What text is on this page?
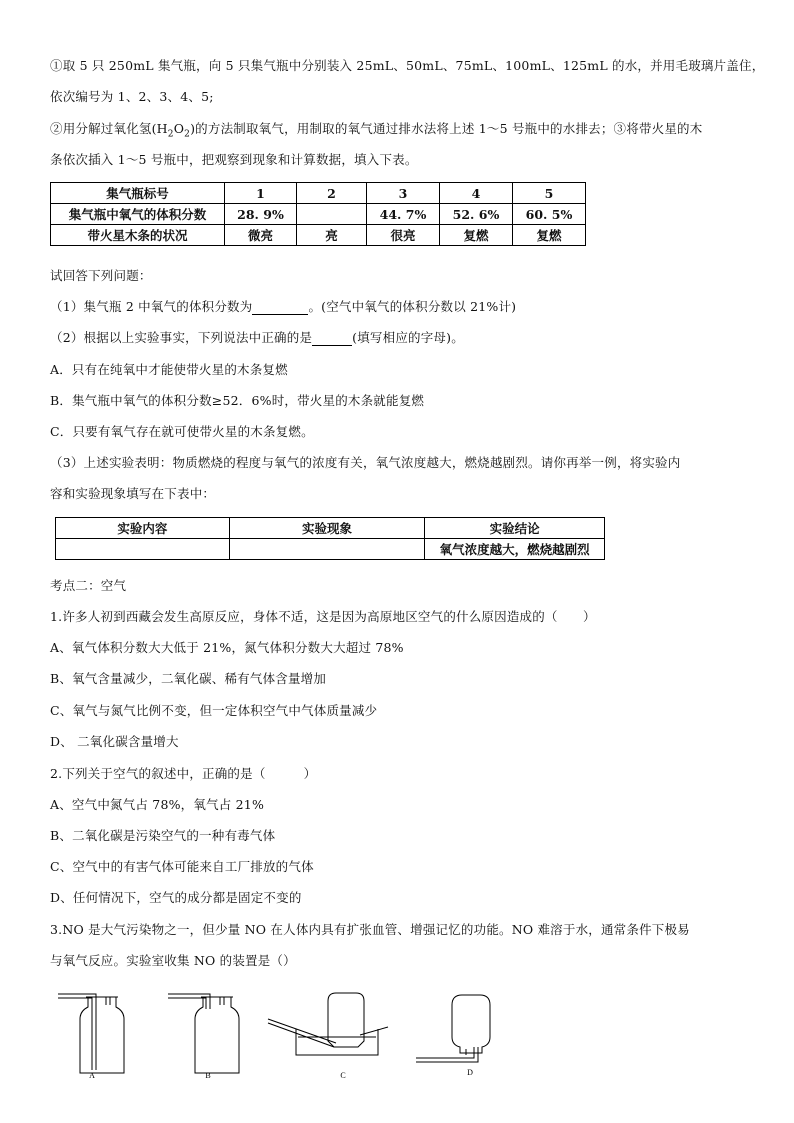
①取 5 只 250mL 集气瓶，向 5 只集气瓶中分别装入 25mL、50mL、75mL、100mL、125mL 的水，并用毛玻璃片盖住，
依次编号为 1、2、3、4、5;
②用分解过氧化氢$(H_2O_2)$的方法制取氧气，用制取的氧气通过排水法将上述 1～5 号瓶中的水排去；③将带火星的木
条依次插入 1～5 号瓶中，把观察到现象和计算数据，填入下表。
集气瓶标号	1	2	3	4	5
集气瓶中氧气的体积分数	28. 9%		44. 7%	52. 6%	60. 5%
带火星木条的状况	微亮	亮	很亮	复燃	复燃
试回答下列问题：
（1）集气瓶 2 中氧气的体积分数为	。(空气中氧气的体积分数以 21%计)
（2）根据以上实验事实，下列说法中正确的是	(填写相应的字母)。
A．只有在纯氧中才能使带火星的木条复燃
B．集气瓶中氧气的体积分数≥52．6%时，带火星的木条就能复燃
C．只要有氧气存在就可使带火星的木条复燃。
（3）上述实验表明：物质燃烧的程度与氧气的浓度有关，氧气浓度越大，燃烧越剧烈。请你再举一例，将实验内
容和实验现象填写在下表中：
实验内容	实验现象	实验结论
		氧气浓度越大，燃烧越剧烈
考点二：空气
1.许多人初到西藏会发生高原反应，身体不适，这是因为高原地区空气的什么原因造成的（　　）
A、氧气体积分数大大低于 21%，氮气体积分数大大超过 78%
B、氧气含量减少，二氧化碳、稀有气体含量增加
C、氧气与氮气比例不变，但一定体积空气中气体质量减少
D、 二氧化碳含量增大
2.下列关于空气的叙述中，正确的是（　　　）
A、空气中氮气占 78%，氧气占 21%
B、二氧化碳是污染空气的一种有毒气体
C、空气中的有害气体可能来自工厂排放的气体
D、任何情况下，空气的成分都是固定不变的
3.NO 是大气污染物之一，但少量 NO 在人体内具有扩张血管、增强记忆的功能。NO 难溶于水，通常条件下极易
与氧气反应。实验室收集 NO 的装置是（）
A	B	C	D
